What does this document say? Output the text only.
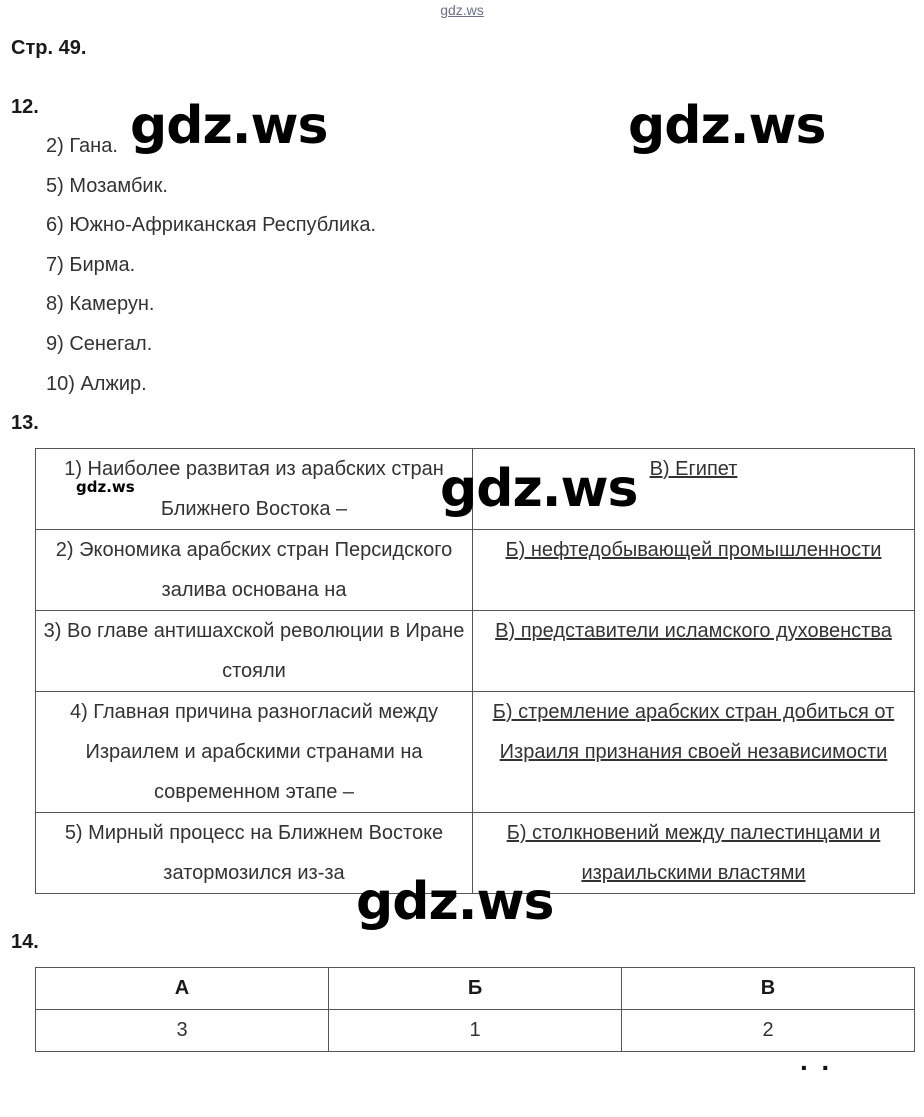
gdz.ws
Стр. 49.
12.
2) Гана.
5) Мозамбик.
6) Южно-Африканская Республика.
7) Бирма.
8) Камерун.
9) Сенегал.
10) Алжир.
13.
1) Наиболее развитая из арабских стран Ближнего Востока –	В) Египет
2) Экономика арабских стран Персидского залива основана на	Б) нефтедобывающей промышленности
3) Во главе антишахской революции в Иране стояли	В) представители исламского духовенства
4) Главная причина разногласий между Израилем и арабскими странами на современном этапе –	Б) стремление арабских стран добиться от Израиля признания своей независимости
5) Мирный процесс на Ближнем Востоке затормозился из-за	Б) столкновений между палестинцами и израильскими властями
14.
А	Б	В
3	1	2
gdz.ws	gdz.ws
gdz.ws
gdz.ws
gdz.ws
··
